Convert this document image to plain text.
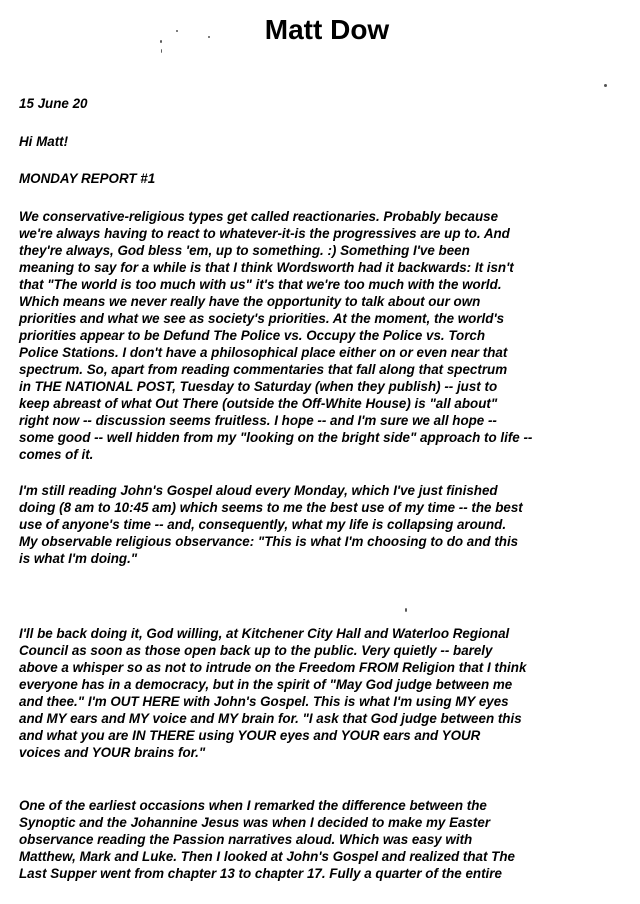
Matt Dow
15 June 20
Hi Matt!
MONDAY REPORT #1
We conservative-religious types get called reactionaries. Probably because
we're always having to react to whatever-it-is the progressives are up to. And
they're always, God bless 'em, up to something. :) Something I've been
meaning to say for a while is that I think Wordsworth had it backwards: It isn't
that "The world is too much with us" it's that we're too much with the world.
Which means we never really have the opportunity to talk about our own
priorities and what we see as society's priorities. At the moment, the world's
priorities appear to be Defund The Police vs. Occupy the Police vs. Torch
Police Stations. I don't have a philosophical place either on or even near that
spectrum. So, apart from reading commentaries that fall along that spectrum
in THE NATIONAL POST, Tuesday to Saturday (when they publish) -- just to
keep abreast of what Out There (outside the Off-White House) is "all about"
right now -- discussion seems fruitless. I hope -- and I'm sure we all hope --
some good -- well hidden from my "looking on the bright side" approach to life --
comes of it.
I'm still reading John's Gospel aloud every Monday, which I've just finished
doing (8 am to 10:45 am) which seems to me the best use of my time -- the best
use of anyone's time -- and, consequently, what my life is collapsing around.
My observable religious observance: "This is what I'm choosing to do and this
is what I'm doing."
I'll be back doing it, God willing, at Kitchener City Hall and Waterloo Regional
Council as soon as those open back up to the public. Very quietly -- barely
above a whisper so as not to intrude on the Freedom FROM Religion that I think
everyone has in a democracy, but in the spirit of "May God judge between me
and thee." I'm OUT HERE with John's Gospel. This is what I'm using MY eyes
and MY ears and MY voice and MY brain for. "I ask that God judge between this
and what you are IN THERE using YOUR eyes and YOUR ears and YOUR
voices and YOUR brains for."
One of the earliest occasions when I remarked the difference between the
Synoptic and the Johannine Jesus was when I decided to make my Easter
observance reading the Passion narratives aloud. Which was easy with
Matthew, Mark and Luke. Then I looked at John's Gospel and realized that The
Last Supper went from chapter 13 to chapter 17. Fully a quarter of the entire
